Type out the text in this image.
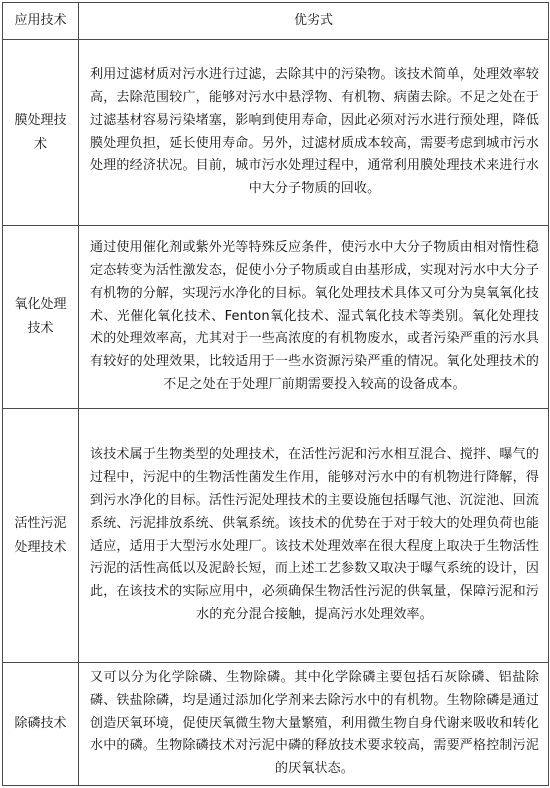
应用技术	优劣式
膜处理技术	利用过滤材质对污水进行过滤，去除其中的污染物。该技术简单，处理效率较高，去除范围较广，能够对污水中悬浮物、有机物、病菌去除。不足之处在于过滤基材容易污染堵塞，影响到使用寿命，因此必须对污水进行预处理，降低膜处理负担，延长使用寿命。另外，过滤材质成本较高，需要考虑到城市污水处理的经济状况。目前，城市污水处理过程中，通常利用膜处理技术来进行水中大分子物质的回收。
氧化处理技术	通过使用催化剂或紫外光等特殊反应条件，使污水中大分子物质由相对惰性稳定态转变为活性激发态，促使小分子物质或自由基形成，实现对污水中大分子有机物的分解，实现污水净化的目标。氧化处理技术具体又可分为臭氧氧化技术、光催化氧化技术、Fenton氧化技术、湿式氧化技术等类别。氧化处理技术的处理效率高，尤其对于一些高浓度的有机物废水，或者污染严重的污水具有较好的处理效果，比较适用于一些水资源污染严重的情况。氧化处理技术的不足之处在于处理厂前期需要投入较高的设备成本。
活性污泥处理技术	该技术属于生物类型的处理技术，在活性污泥和污水相互混合、搅拌、曝气的过程中，污泥中的生物活性菌发生作用，能够对污水中的有机物进行降解，得到污水净化的目标。活性污泥处理技术的主要设施包括曝气池、沉淀池、回流系统、污泥排放系统、供氧系统。该技术的优势在于对于较大的处理负荷也能适应，适用于大型污水处理厂。该技术处理效率在很大程度上取决于生物活性污泥的活性高低以及泥龄长短，而上述工艺参数又取决于曝气系统的设计，因此，在该技术的实际应用中，必须确保生物活性污泥的供氧量，保障污泥和污水的充分混合接触，提高污水处理效率。
除磷技术	又可以分为化学除磷、生物除磷。其中化学除磷主要包括石灰除磷、铝盐除磷、铁盐除磷，均是通过添加化学剂来去除污水中的有机物。生物除磷是通过创造厌氧环境，促使厌氧微生物大量繁殖，利用微生物自身代谢来吸收和转化水中的磷。生物除磷技术对污泥中磷的释放技术要求较高，需要严格控制污泥的厌氧状态。
